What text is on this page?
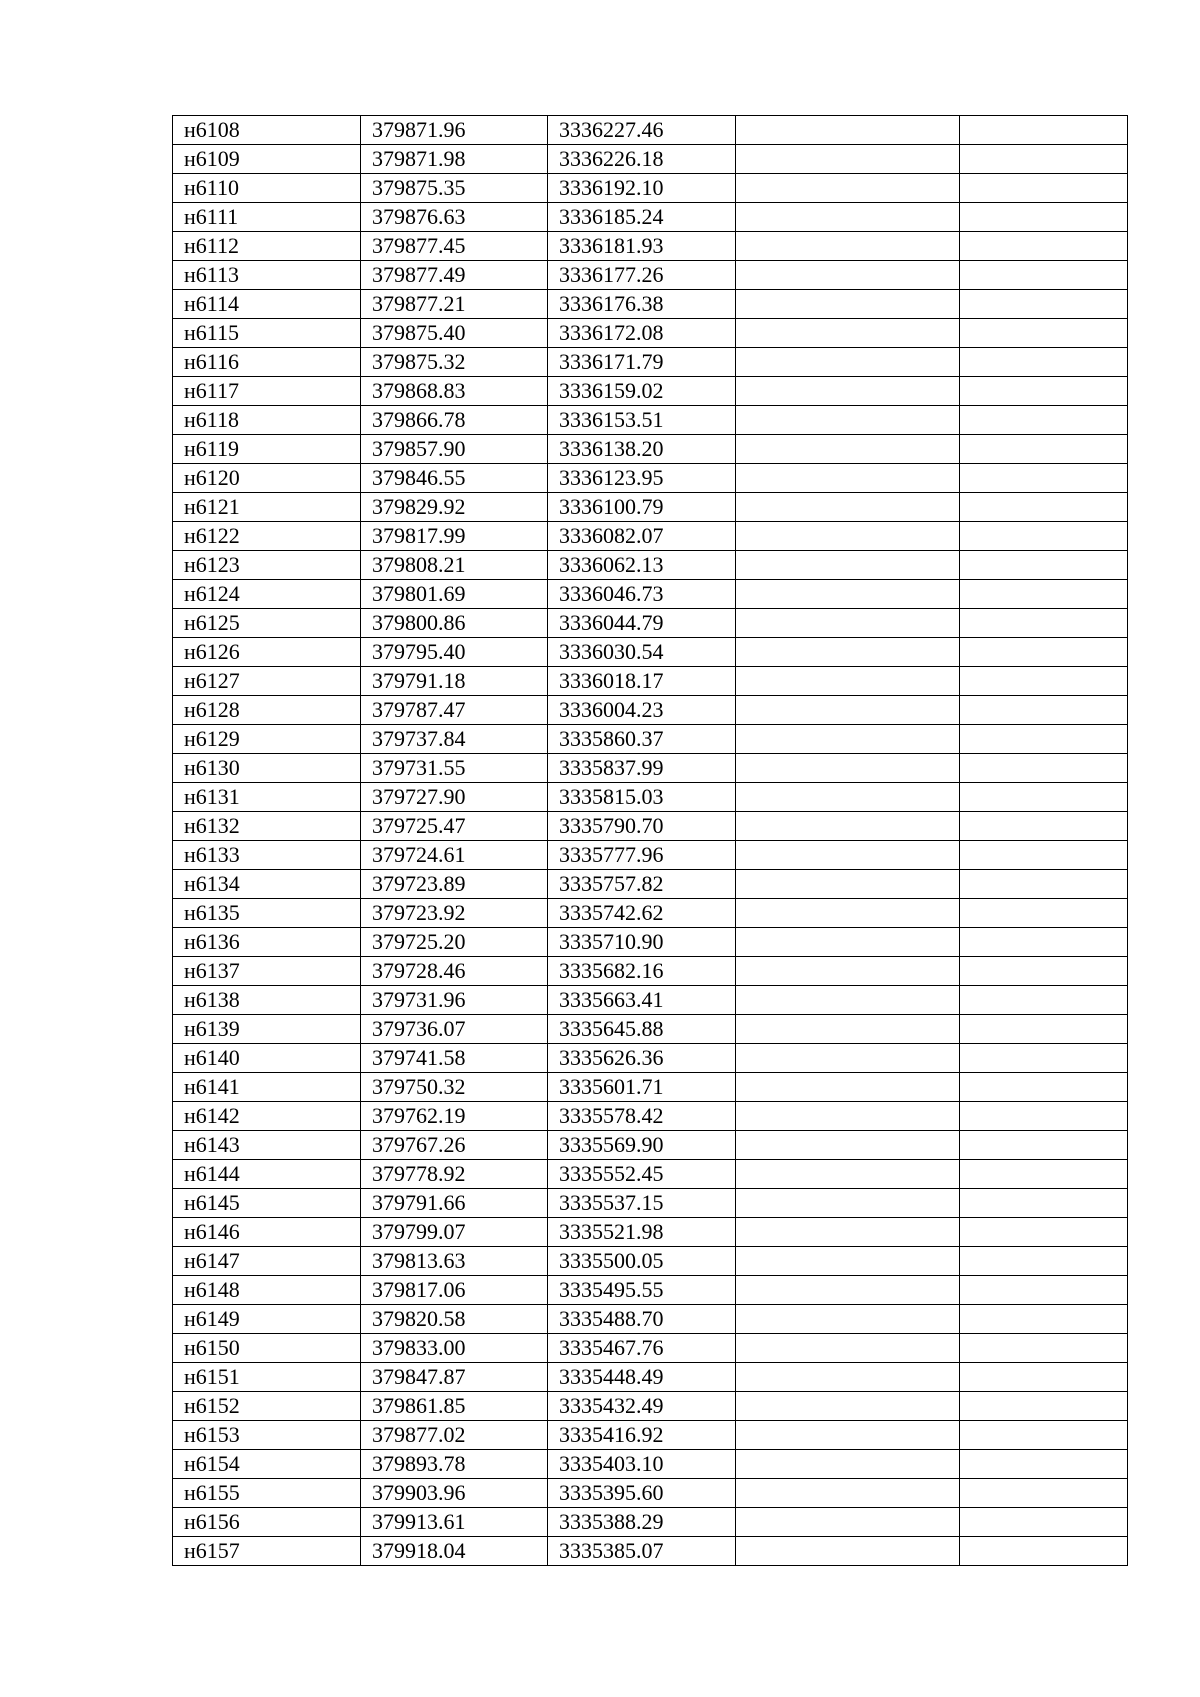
н6108	379871.96	3336227.46		
н6109	379871.98	3336226.18		
н6110	379875.35	3336192.10		
н6111	379876.63	3336185.24		
н6112	379877.45	3336181.93		
н6113	379877.49	3336177.26		
н6114	379877.21	3336176.38		
н6115	379875.40	3336172.08		
н6116	379875.32	3336171.79		
н6117	379868.83	3336159.02		
н6118	379866.78	3336153.51		
н6119	379857.90	3336138.20		
н6120	379846.55	3336123.95		
н6121	379829.92	3336100.79		
н6122	379817.99	3336082.07		
н6123	379808.21	3336062.13		
н6124	379801.69	3336046.73		
н6125	379800.86	3336044.79		
н6126	379795.40	3336030.54		
н6127	379791.18	3336018.17		
н6128	379787.47	3336004.23		
н6129	379737.84	3335860.37		
н6130	379731.55	3335837.99		
н6131	379727.90	3335815.03		
н6132	379725.47	3335790.70		
н6133	379724.61	3335777.96		
н6134	379723.89	3335757.82		
н6135	379723.92	3335742.62		
н6136	379725.20	3335710.90		
н6137	379728.46	3335682.16		
н6138	379731.96	3335663.41		
н6139	379736.07	3335645.88		
н6140	379741.58	3335626.36		
н6141	379750.32	3335601.71		
н6142	379762.19	3335578.42		
н6143	379767.26	3335569.90		
н6144	379778.92	3335552.45		
н6145	379791.66	3335537.15		
н6146	379799.07	3335521.98		
н6147	379813.63	3335500.05		
н6148	379817.06	3335495.55		
н6149	379820.58	3335488.70		
н6150	379833.00	3335467.76		
н6151	379847.87	3335448.49		
н6152	379861.85	3335432.49		
н6153	379877.02	3335416.92		
н6154	379893.78	3335403.10		
н6155	379903.96	3335395.60		
н6156	379913.61	3335388.29		
н6157	379918.04	3335385.07		
